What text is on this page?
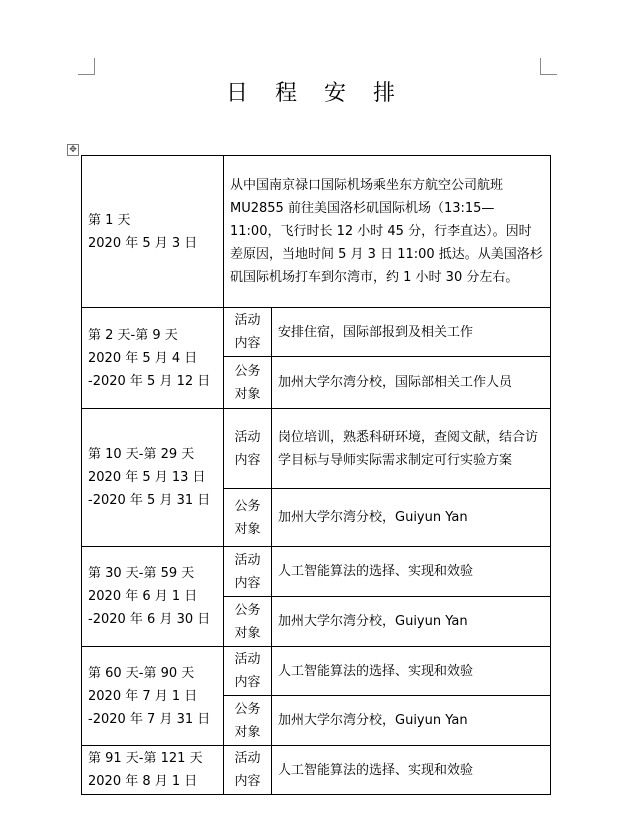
日 程 安 排
✥
第 1 天
2020 年 5 月 3 日	从中国南京禄口国际机场乘坐东方航空公司航班 MU2855 前往美国洛杉矶国际机场（13:15—11:00，飞行时长 12 小时 45 分，行李直达）。因时差原因，当地时间 5 月 3 日 11:00 抵达。从美国洛杉矶国际机场打车到尔湾市，约 1 小时 30 分左右。	

第 2 天-第 9 天
2020 年 5 月 4 日
-2020 年 5 月 12 日	活动内容	安排住宿，国际部报到及相关工作
	公务对象	加州大学尔湾分校，国际部相关工作人员

第 10 天-第 29 天
2020 年 5 月 13 日
-2020 年 5 月 31 日	活动内容	岗位培训，熟悉科研环境，查阅文献，结合访学目标与导师实际需求制定可行实验方案
	公务对象	加州大学尔湾分校，Guiyun Yan

第 30 天-第 59 天
2020 年 6 月 1 日
-2020 年 6 月 30 日	活动内容	人工智能算法的选择、实现和效验
	公务对象	加州大学尔湾分校，Guiyun Yan

第 60 天-第 90 天
2020 年 7 月 1 日
-2020 年 7 月 31 日	活动内容	人工智能算法的选择、实现和效验
	公务对象	加州大学尔湾分校，Guiyun Yan

第 91 天-第 121 天
2020 年 8 月 1 日	活动内容	人工智能算法的选择、实现和效验
